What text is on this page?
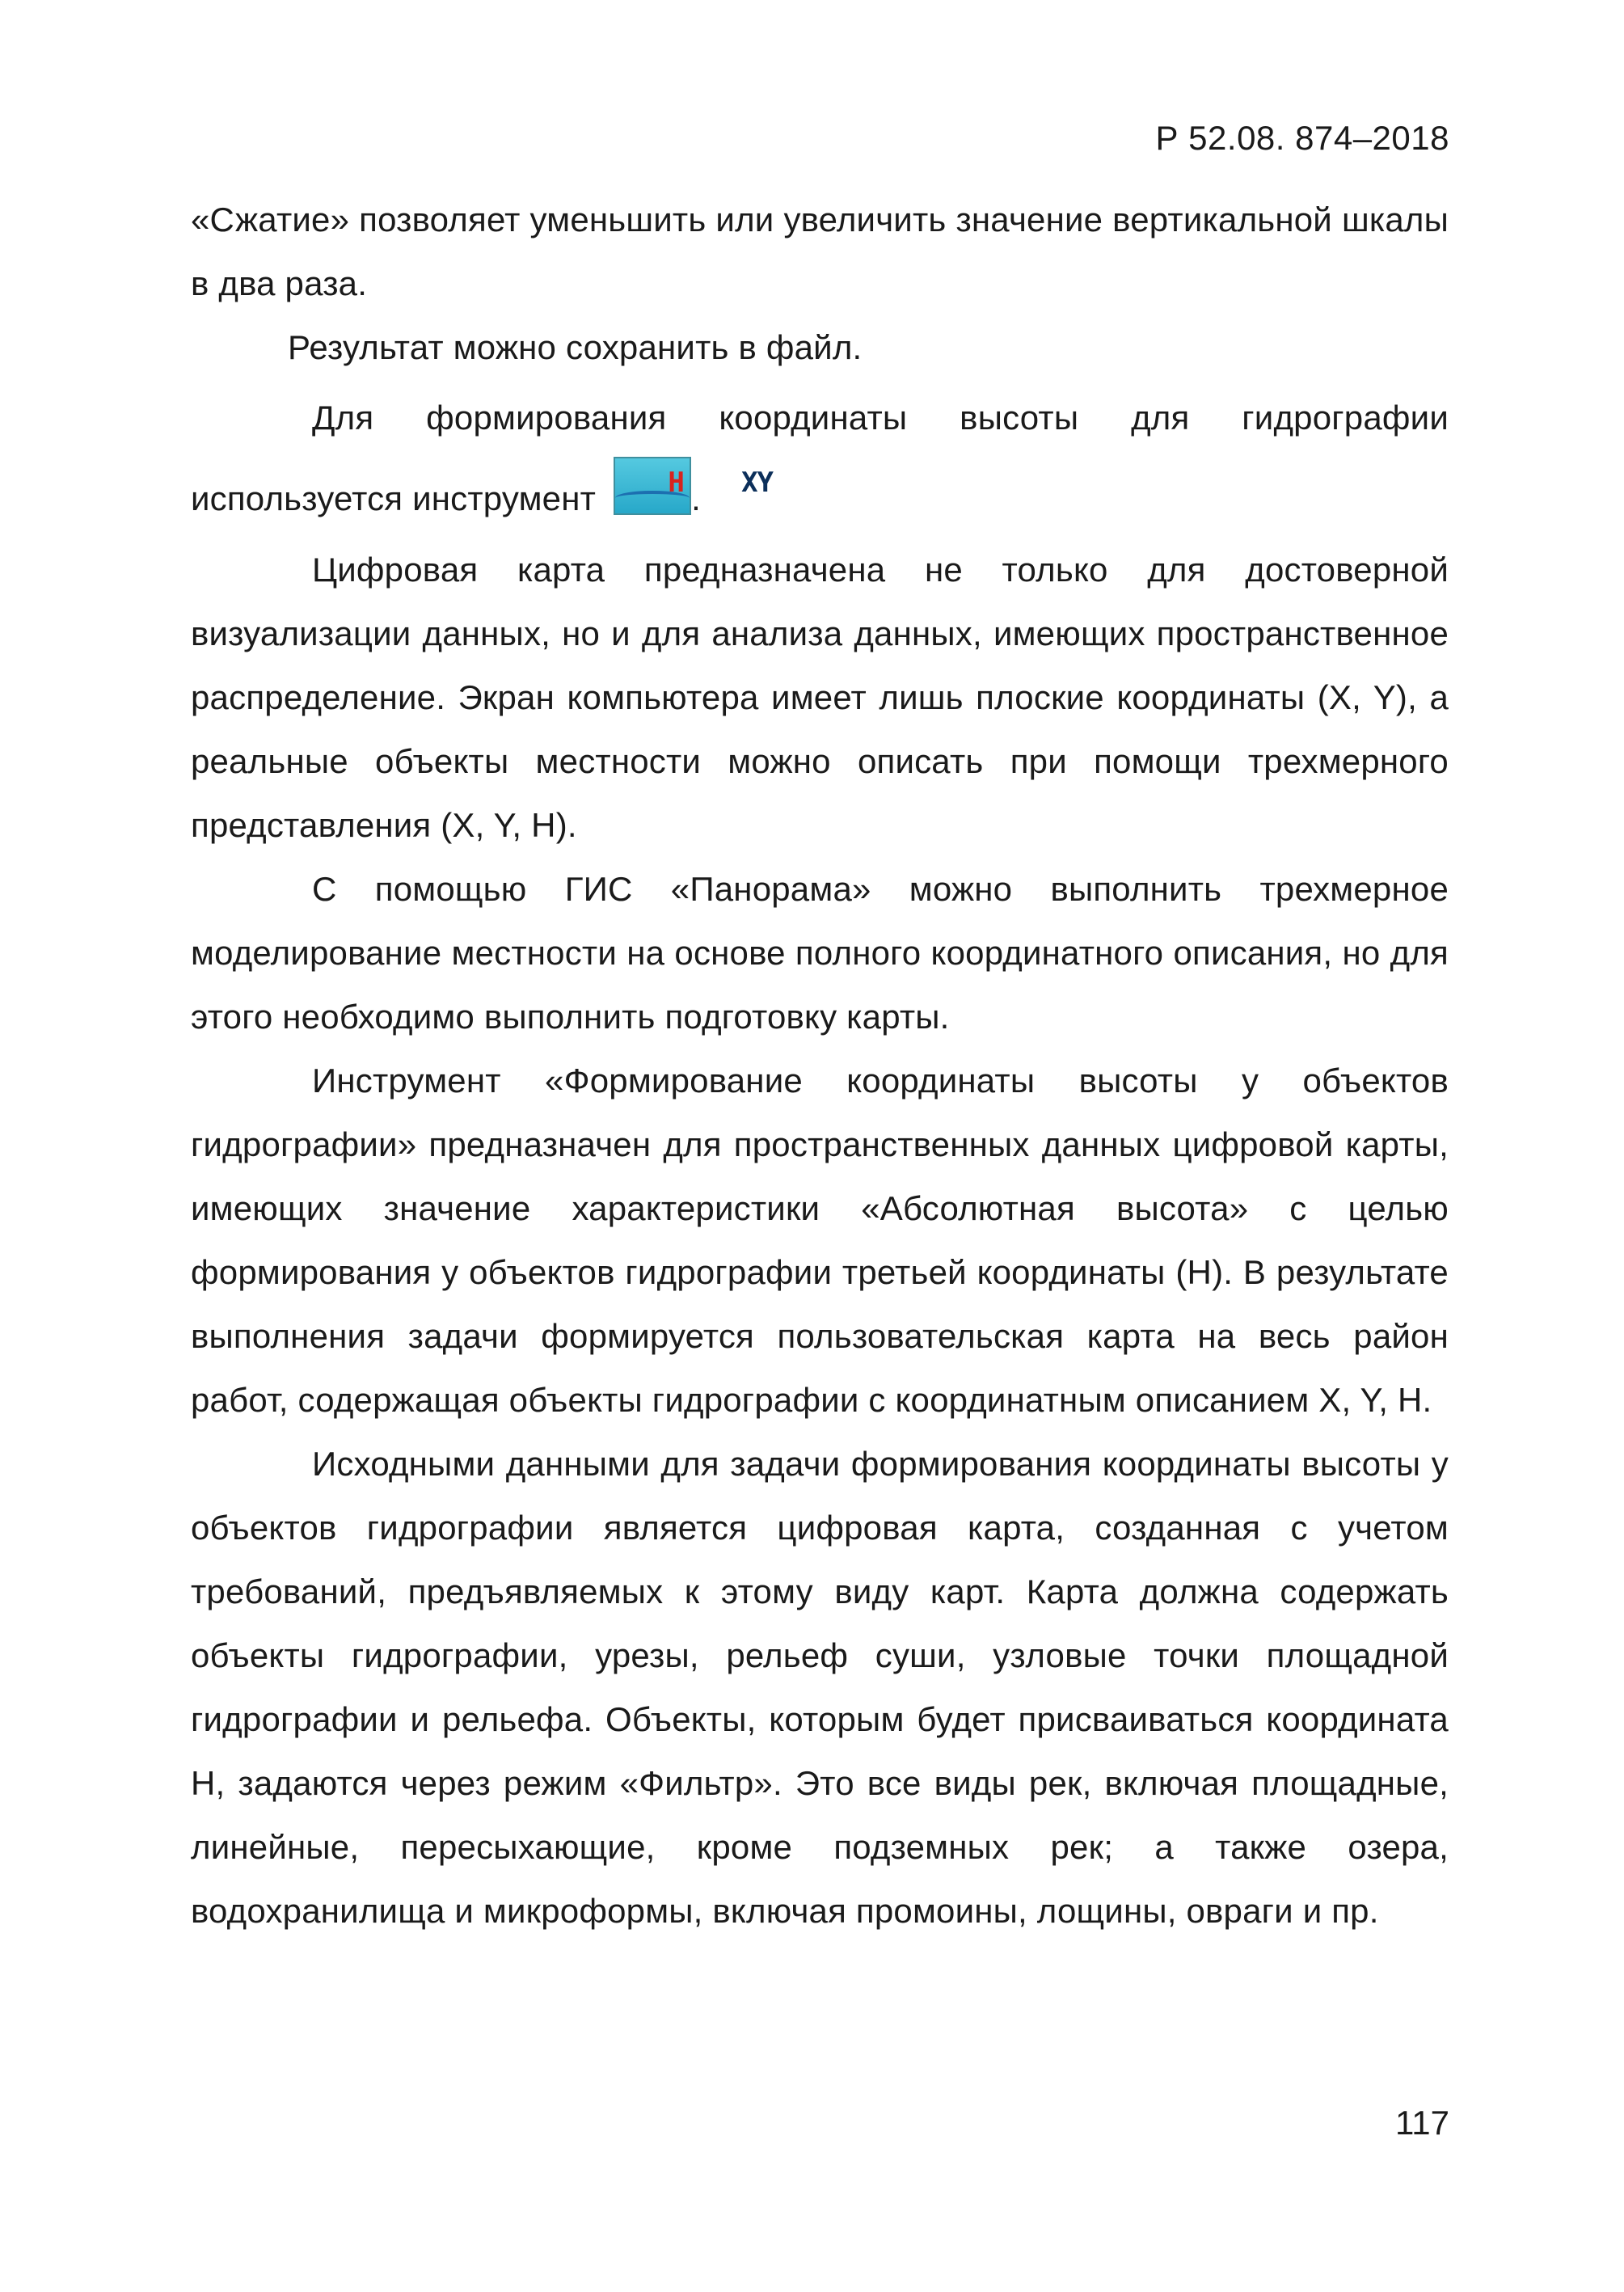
Р 52.08. 874–2018

«Сжатие» позволяет уменьшить или увеличить значение вертикальной шкалы в два раза.

Результат можно сохранить в файл.

Для формирования координаты высоты для гидрографии используется инструмент	XY
H .

Цифровая карта предназначена не только для достоверной визуализации данных, но и для анализа данных, имеющих пространственное распределение. Экран компьютера имеет лишь плоские координаты (X, Y), а реальные объекты местности можно описать при помощи трехмерного представления (X, Y, H).

С помощью ГИС «Панорама» можно выполнить трехмерное моделирование местности на основе полного координатного описания, но для этого необходимо выполнить подготовку карты.

Инструмент «Формирование координаты высоты у объектов гидрографии» предназначен для пространственных данных цифровой карты, имеющих значение характеристики «Абсолютная высота» с целью формирования у объектов гидрографии третьей координаты (H). В результате выполнения задачи формируется пользовательская карта на весь район работ, содержащая объекты гидрографии с координатным описанием X, Y, H.

Исходными данными для задачи формирования координаты высоты у объектов гидрографии является цифровая карта, созданная с учетом требований, предъявляемых к этому виду карт. Карта должна содержать объекты гидрографии, урезы, рельеф суши, узловые точки площадной гидрографии и рельефа. Объекты, которым будет присваиваться координата H, задаются через режим «Фильтр». Это все виды рек, включая площадные, линейные, пересыхающие, кроме подземных рек; а также озера, водохранилища и микроформы, включая промоины, лощины, овраги и пр.

117
